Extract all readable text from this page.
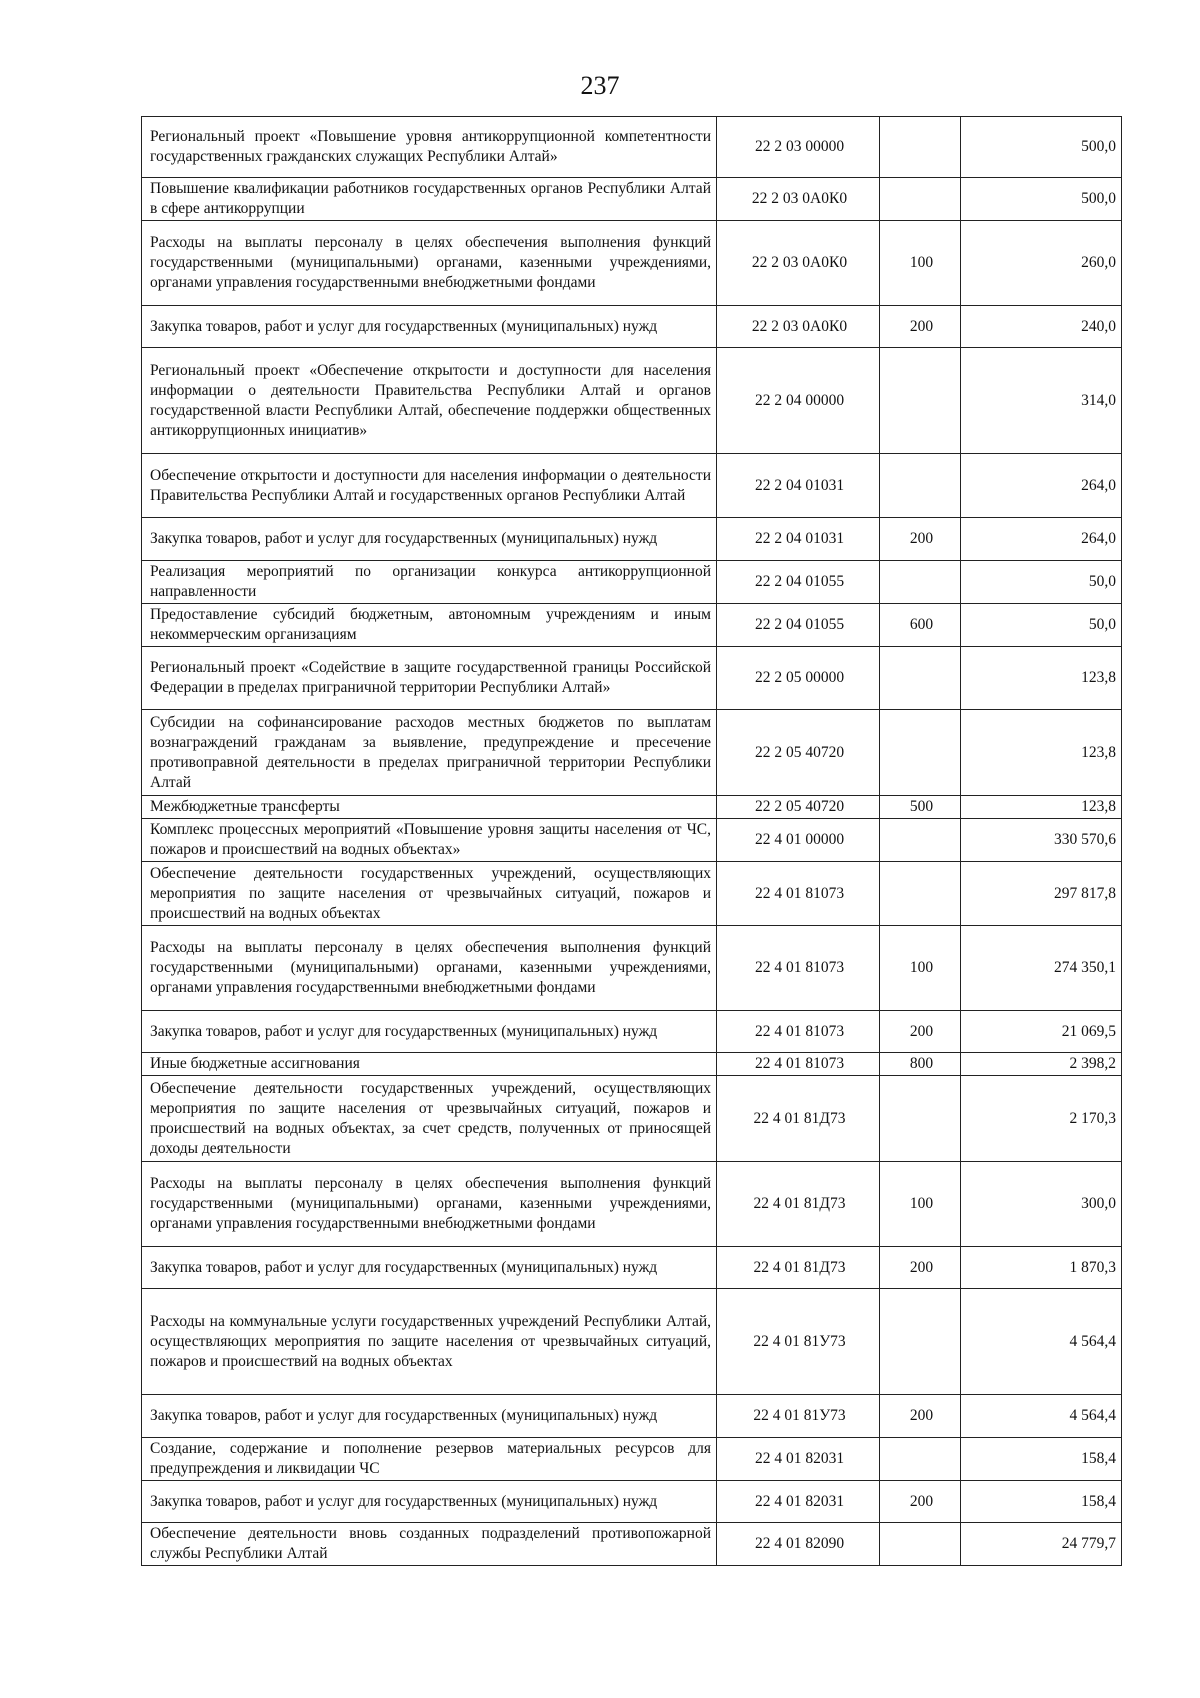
237
Региональный проект «Повышение уровня антикоррупционной компетентности государственных гражданских служащих Республики Алтай»	22 2 03 00000		500,0
Повышение квалификации работников государственных органов Республики Алтай в сфере антикоррупции	22 2 03 0А0К0		500,0
Расходы на выплаты персоналу в целях обеспечения выполнения функций государственными (муниципальными) органами, казенными учреждениями, органами управления государственными внебюджетными фондами	22 2 03 0А0К0	100	260,0
Закупка товаров, работ и услуг для государственных (муниципальных) нужд	22 2 03 0А0К0	200	240,0
Региональный проект «Обеспечение открытости и доступности для населения информации о деятельности Правительства Республики Алтай и органов государственной власти Республики Алтай, обеспечение поддержки общественных антикоррупционных инициатив»	22 2 04 00000		314,0
Обеспечение открытости и доступности для населения информации о деятельности Правительства Республики Алтай и государственных органов Республики Алтай	22 2 04 01031		264,0
Закупка товаров, работ и услуг для государственных (муниципальных) нужд	22 2 04 01031	200	264,0
Реализация мероприятий по организации конкурса антикоррупционной направленности	22 2 04 01055		50,0
Предоставление субсидий бюджетным, автономным учреждениям и иным некоммерческим организациям	22 2 04 01055	600	50,0
Региональный проект «Содействие в защите государственной границы Российской Федерации в пределах приграничной территории Республики Алтай»	22 2 05 00000		123,8
Субсидии на софинансирование расходов местных бюджетов по выплатам вознаграждений гражданам за выявление, предупреждение и пресечение противоправной деятельности в пределах приграничной территории Республики Алтай	22 2 05 40720		123,8
Межбюджетные трансферты	22 2 05 40720	500	123,8
Комплекс процессных мероприятий «Повышение уровня защиты населения от ЧС, пожаров и происшествий на водных объектах»	22 4 01 00000		330 570,6
Обеспечение деятельности государственных учреждений, осуществляющих мероприятия по защите населения от чрезвычайных ситуаций, пожаров и происшествий на водных объектах	22 4 01 81073		297 817,8
Расходы на выплаты персоналу в целях обеспечения выполнения функций государственными (муниципальными) органами, казенными учреждениями, органами управления государственными внебюджетными фондами	22 4 01 81073	100	274 350,1
Закупка товаров, работ и услуг для государственных (муниципальных) нужд	22 4 01 81073	200	21 069,5
Иные бюджетные ассигнования	22 4 01 81073	800	2 398,2
Обеспечение деятельности государственных учреждений, осуществляющих мероприятия по защите населения от чрезвычайных ситуаций, пожаров и происшествий на водных объектах, за счет средств, полученных от приносящей доходы деятельности	22 4 01 81Д73		2 170,3
Расходы на выплаты персоналу в целях обеспечения выполнения функций государственными (муниципальными) органами, казенными учреждениями, органами управления государственными внебюджетными фондами	22 4 01 81Д73	100	300,0
Закупка товаров, работ и услуг для государственных (муниципальных) нужд	22 4 01 81Д73	200	1 870,3
Расходы на коммунальные услуги государственных учреждений Республики Алтай, осуществляющих мероприятия по защите населения от чрезвычайных ситуаций, пожаров и происшествий на водных объектах	22 4 01 81У73		4 564,4
Закупка товаров, работ и услуг для государственных (муниципальных) нужд	22 4 01 81У73	200	4 564,4
Создание, содержание и пополнение резервов материальных ресурсов для предупреждения и ликвидации ЧС	22 4 01 82031		158,4
Закупка товаров, работ и услуг для государственных (муниципальных) нужд	22 4 01 82031	200	158,4
Обеспечение деятельности вновь созданных подразделений противопожарной службы Республики Алтай	22 4 01 82090		24 779,7
